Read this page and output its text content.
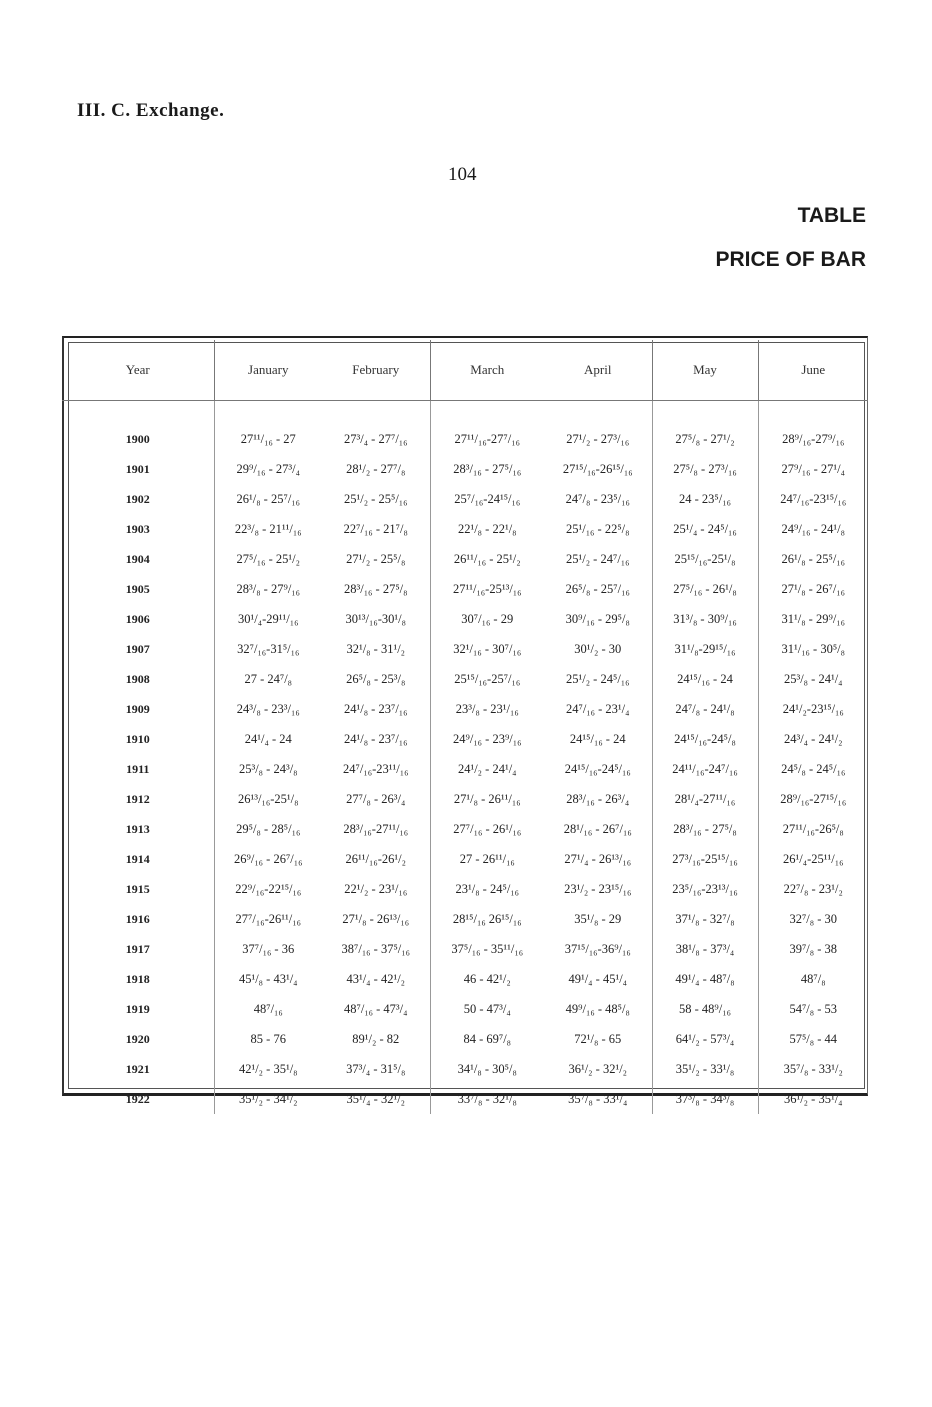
III. C. Exchange.
104
TABLE
PRICE OF BAR
Year	January	February	March	April	May	June
1900	27¹¹/₁₆ - 27	27³/₄ - 27⁷/₁₆	27¹¹/₁₆-27⁷/₁₆	27¹/₂ - 27³/₁₆	27⁵/₈ - 27¹/₂	28⁹/₁₆-27⁹/₁₆
1901	29⁹/₁₆ - 27³/₄	28¹/₂ - 27⁷/₈	28³/₁₆ - 27⁵/₁₆	27¹⁵/₁₆-26¹⁵/₁₆	27⁵/₈ - 27³/₁₆	27⁹/₁₆ - 27¹/₄
1902	26¹/₈ - 25⁷/₁₆	25¹/₂ - 25⁵/₁₆	25⁷/₁₆-24¹⁵/₁₆	24⁷/₈ - 23⁵/₁₆	24 - 23⁵/₁₆	24⁷/₁₆-23¹⁵/₁₆
1903	22³/₈ - 21¹¹/₁₆	22⁷/₁₆ - 21⁷/₈	22¹/₈ - 22¹/₈	25¹/₁₆ - 22⁵/₈	25¹/₄ - 24⁵/₁₆	24⁹/₁₆ - 24¹/₈
1904	27⁵/₁₆ - 25¹/₂	27¹/₂ - 25⁵/₈	26¹¹/₁₆ - 25¹/₂	25¹/₂ - 24⁷/₁₆	25¹⁵/₁₆-25¹/₈	26¹/₈ - 25⁵/₁₆
1905	28³/₈ - 27⁹/₁₆	28³/₁₆ - 27⁵/₈	27¹¹/₁₆-25¹³/₁₆	26⁵/₈ - 25⁷/₁₆	27⁵/₁₆ - 26¹/₈	27¹/₈ - 26⁷/₁₆
1906	30¹/₄-29¹¹/₁₆	30¹³/₁₆-30¹/₈	30⁷/₁₆ - 29	30⁹/₁₆ - 29⁵/₈	31³/₈ - 30⁹/₁₆	31¹/₈ - 29⁹/₁₆
1907	32⁷/₁₆-31⁵/₁₆	32¹/₈ - 31¹/₂	32¹/₁₆ - 30⁷/₁₆	30¹/₂ - 30	31¹/₈-29¹⁵/₁₆	31¹/₁₆ - 30⁵/₈
1908	27 - 24⁷/₈	26⁵/₈ - 25³/₈	25¹⁵/₁₆-25⁷/₁₆	25¹/₂ - 24⁵/₁₆	24¹⁵/₁₆ - 24	25³/₈ - 24¹/₄
1909	24³/₈ - 23³/₁₆	24¹/₈ - 23⁷/₁₆	23³/₈ - 23¹/₁₆	24⁷/₁₆ - 23¹/₄	24⁷/₈ - 24¹/₈	24¹/₂-23¹⁵/₁₆
1910	24¹/₄ - 24	24¹/₈ - 23⁷/₁₆	24⁹/₁₆ - 23⁹/₁₆	24¹⁵/₁₆ - 24	24¹⁵/₁₆-24⁵/₈	24³/₄ - 24¹/₂
1911	25³/₈ - 24³/₈	24⁷/₁₆-23¹¹/₁₆	24¹/₂ - 24¹/₄	24¹⁵/₁₆-24⁵/₁₆	24¹¹/₁₆-24⁷/₁₆	24⁵/₈ - 24⁵/₁₆
1912	26¹³/₁₆-25¹/₈	27⁷/₈ - 26³/₄	27¹/₈ - 26¹¹/₁₆	28³/₁₆ - 26³/₄	28¹/₄-27¹¹/₁₆	28⁹/₁₆-27¹⁵/₁₆
1913	29⁵/₈ - 28⁵/₁₆	28³/₁₆-27¹¹/₁₆	27⁷/₁₆ - 26¹/₁₆	28¹/₁₆ - 26⁷/₁₆	28³/₁₆ - 27⁵/₈	27¹¹/₁₆-26⁵/₈
1914	26⁹/₁₆ - 26⁷/₁₆	26¹¹/₁₆-26¹/₂	27 - 26¹¹/₁₆	27¹/₄ - 26¹³/₁₆	27³/₁₆-25¹⁵/₁₆	26¹/₄-25¹¹/₁₆
1915	22⁹/₁₆-22¹⁵/₁₆	22¹/₂ - 23¹/₁₆	23¹/₈ - 24⁵/₁₆	23¹/₂ - 23¹⁵/₁₆	23⁵/₁₆-23¹³/₁₆	22⁷/₈ - 23¹/₂
1916	27⁷/₁₆-26¹¹/₁₆	27¹/₈ - 26¹³/₁₆	28¹⁵/₁₆ 26¹⁵/₁₆	35¹/₈ - 29	37¹/₈ - 32⁷/₈	32⁷/₈ - 30
1917	37⁷/₁₆ - 36	38⁷/₁₆ - 37⁵/₁₆	37⁵/₁₆ - 35¹¹/₁₆	37¹⁵/₁₆-36⁹/₁₆	38¹/₈ - 37³/₄	39⁷/₈ - 38
1918	45¹/₈ - 43¹/₄	43¹/₄ - 42¹/₂	46 - 42¹/₂	49¹/₄ - 45¹/₄	49¹/₄ - 48⁷/₈	48⁷/₈
1919	48⁷/₁₆	48⁷/₁₆ - 47³/₄	50 - 47³/₄	49⁹/₁₆ - 48⁵/₈	58 - 48⁹/₁₆	54⁷/₈ - 53
1920	85 - 76	89¹/₂ - 82	84 - 69⁷/₈	72¹/₈ - 65	64¹/₂ - 57³/₄	57⁵/₈ - 44
1921	42¹/₂ - 35¹/₈	37³/₄ - 31⁵/₈	34¹/₈ - 30⁵/₈	36¹/₂ - 32¹/₂	35¹/₂ - 33¹/₈	35⁷/₈ - 33¹/₂
1922	35¹/₂ - 34¹/₂	35¹/₄ - 32¹/₂	33⁷/₈ - 32¹/₈	35⁷/₈ - 33¹/₄	37³/₈ - 34³/₈	36¹/₂ - 35¹/₄
